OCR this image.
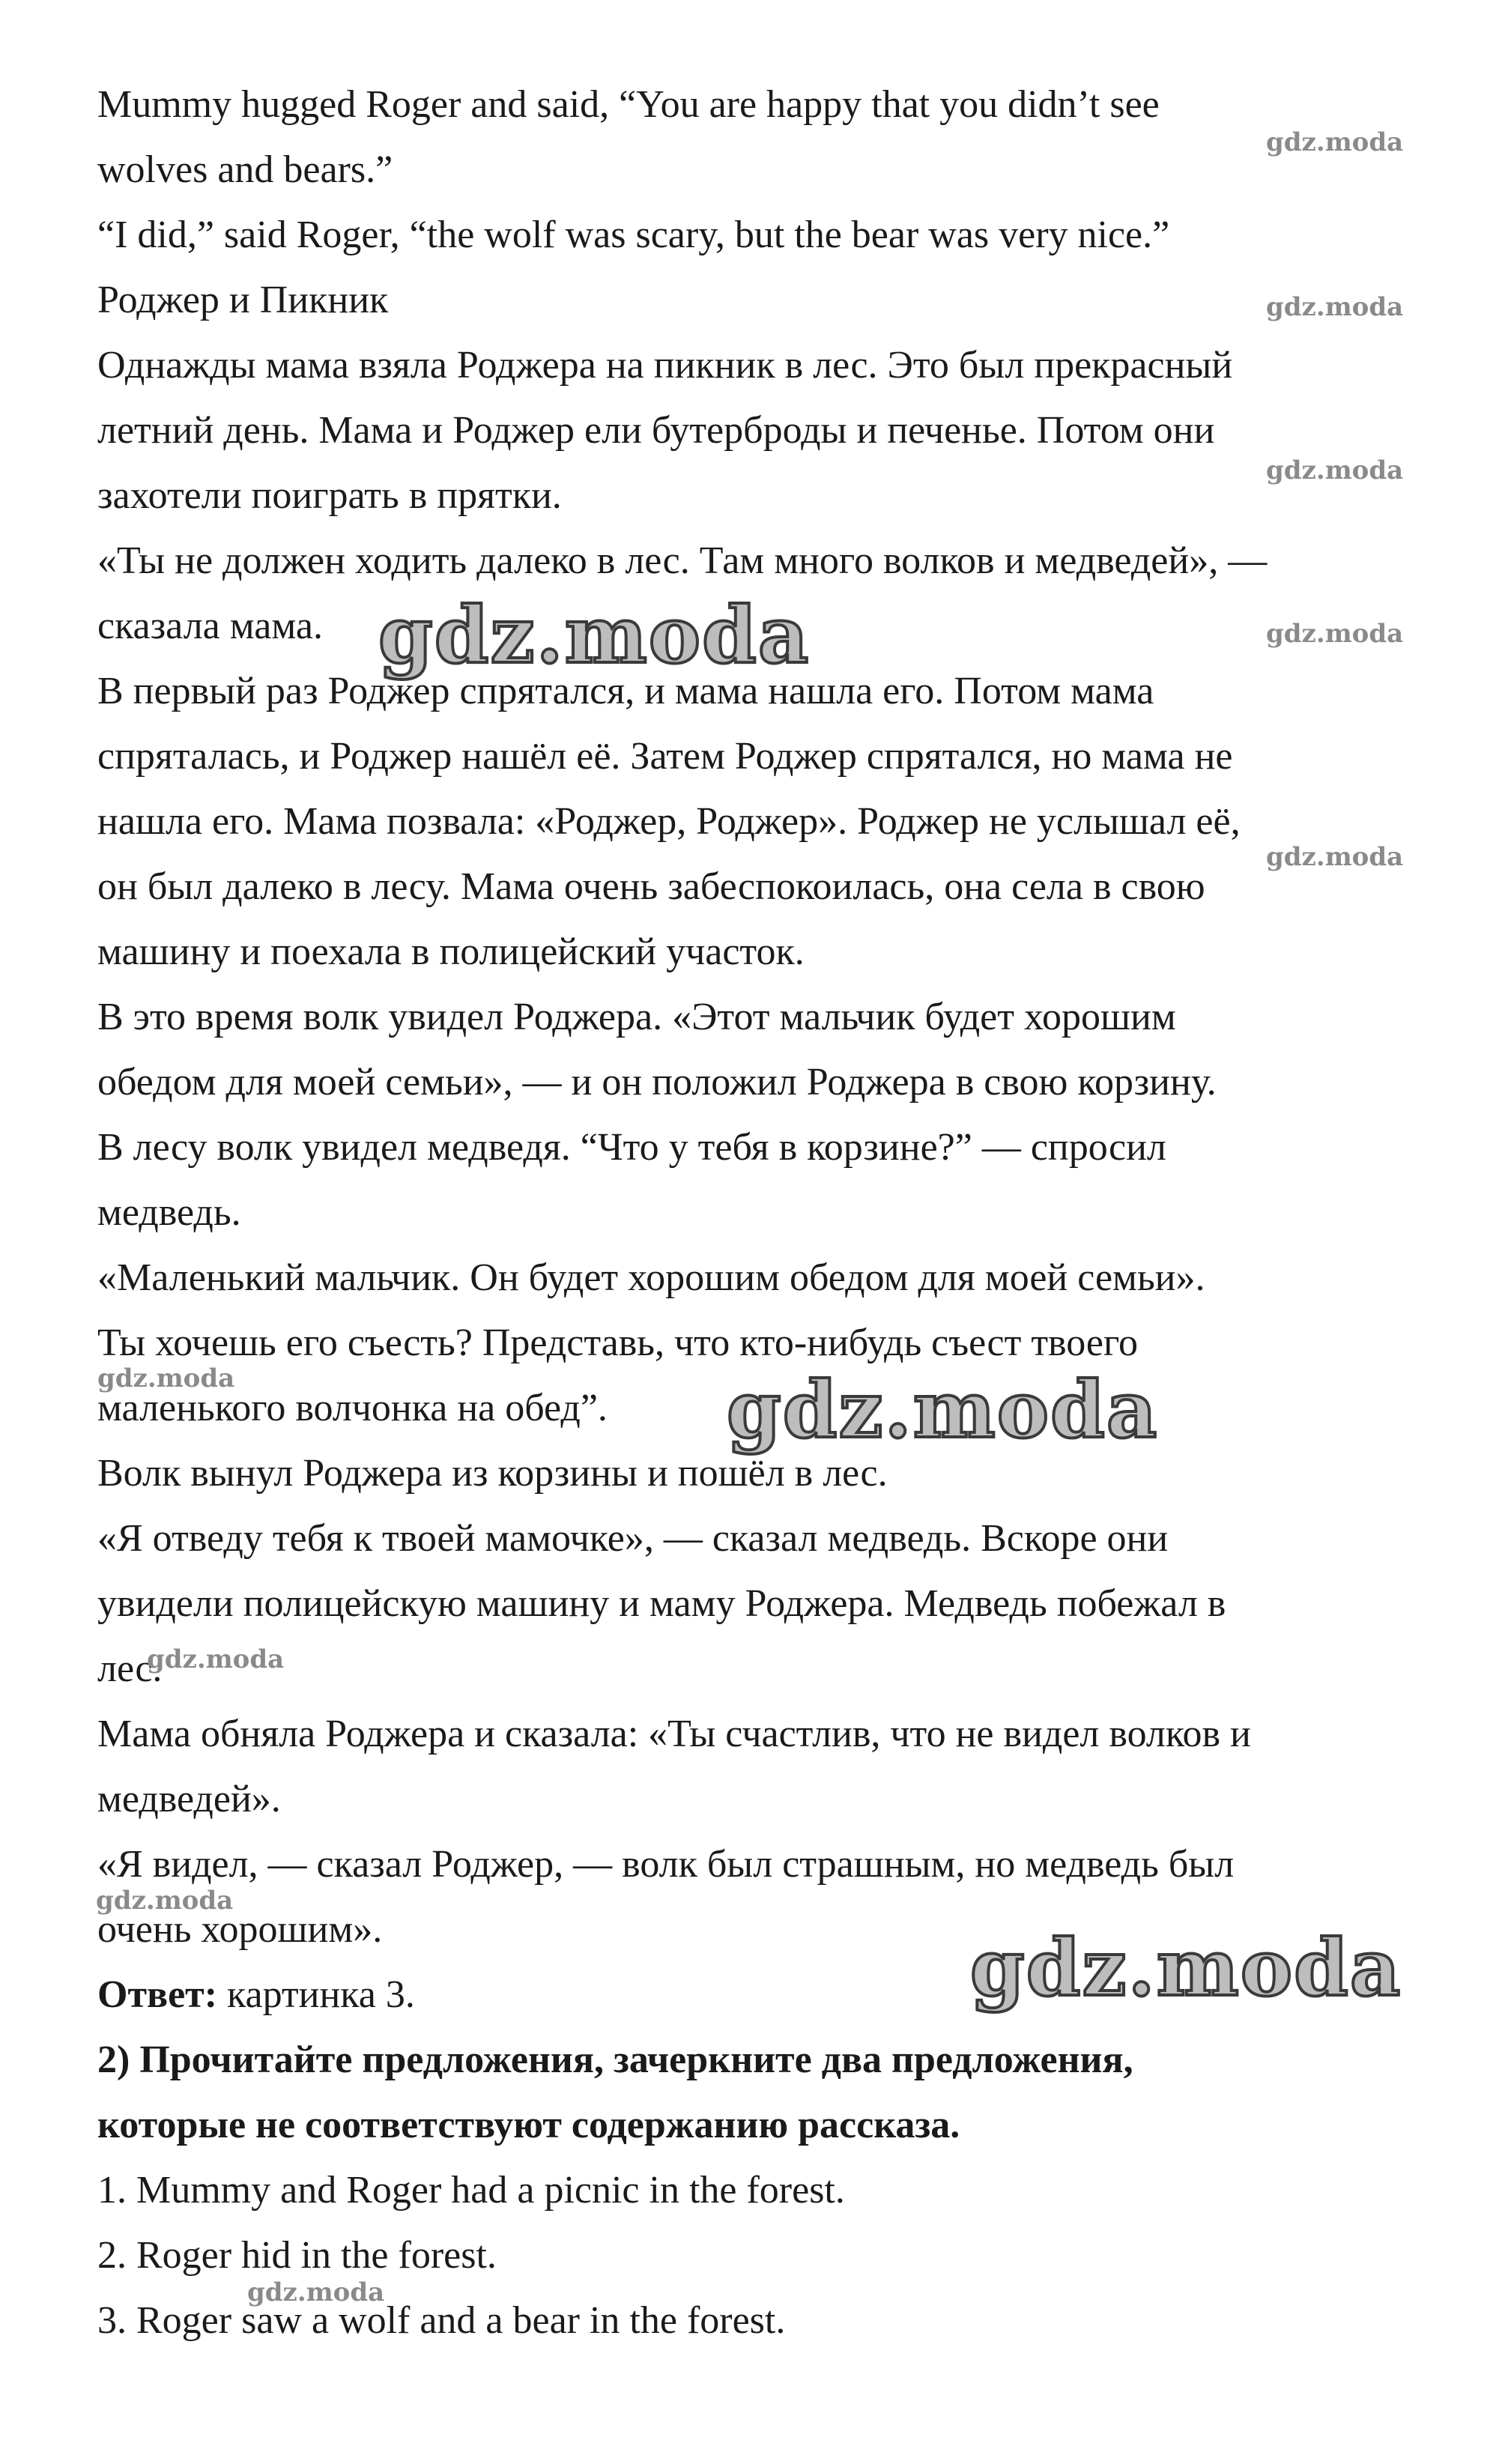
Mummy hugged Roger and said, “You are happy that you didn’t see
wolves and bears.”
“I did,” said Roger, “the wolf was scary, but the bear was very nice.”
Роджер и Пикник
Однажды мама взяла Роджера на пикник в лес. Это был прекрасный
летний день. Мама и Роджер ели бутерброды и печенье. Потом они
захотели поиграть в прятки.
«Ты не должен ходить далеко в лес. Там много волков и медведей», —
сказала мама.
В первый раз Роджер спрятался, и мама нашла его. Потом мама
спряталась, и Роджер нашёл её. Затем Роджер спрятался, но мама не
нашла его. Мама позвала: «Роджер, Роджер». Роджер не услышал её,
он был далеко в лесу. Мама очень забеспокоилась, она села в свою
машину и поехала в полицейский участок.
В это время волк увидел Роджера. «Этот мальчик будет хорошим
обедом для моей семьи», — и он положил Роджера в свою корзину.
В лесу волк увидел медведя. “Что у тебя в корзине?” — спросил
медведь.
«Маленький мальчик. Он будет хорошим обедом для моей семьи».
Ты хочешь его съесть? Представь, что кто-нибудь съест твоего
маленького волчонка на обед”.
Волк вынул Роджера из корзины и пошёл в лес.
«Я отведу тебя к твоей мамочке», — сказал медведь. Вскоре они
увидели полицейскую машину и маму Роджера. Медведь побежал в
лес.
Мама обняла Роджера и сказала: «Ты счастлив, что не видел волков и
медведей».
«Я видел, — сказал Роджер, — волк был страшным, но медведь был
очень хорошим».
Ответ: картинка 3.
2) Прочитайте предложения, зачеркните два предложения,
которые не соответствуют содержанию рассказа.
1. Mummy and Roger had a picnic in the forest.
2. Roger hid in the forest.
3. Roger saw a wolf and a bear in the forest.
gdz.moda
gdz.moda
gdz.moda
gdz.moda
gdz.moda
gdz.moda
gdz.moda
gdz.moda
gdz.moda
gdz.moda
gdz.moda
gdz.moda
